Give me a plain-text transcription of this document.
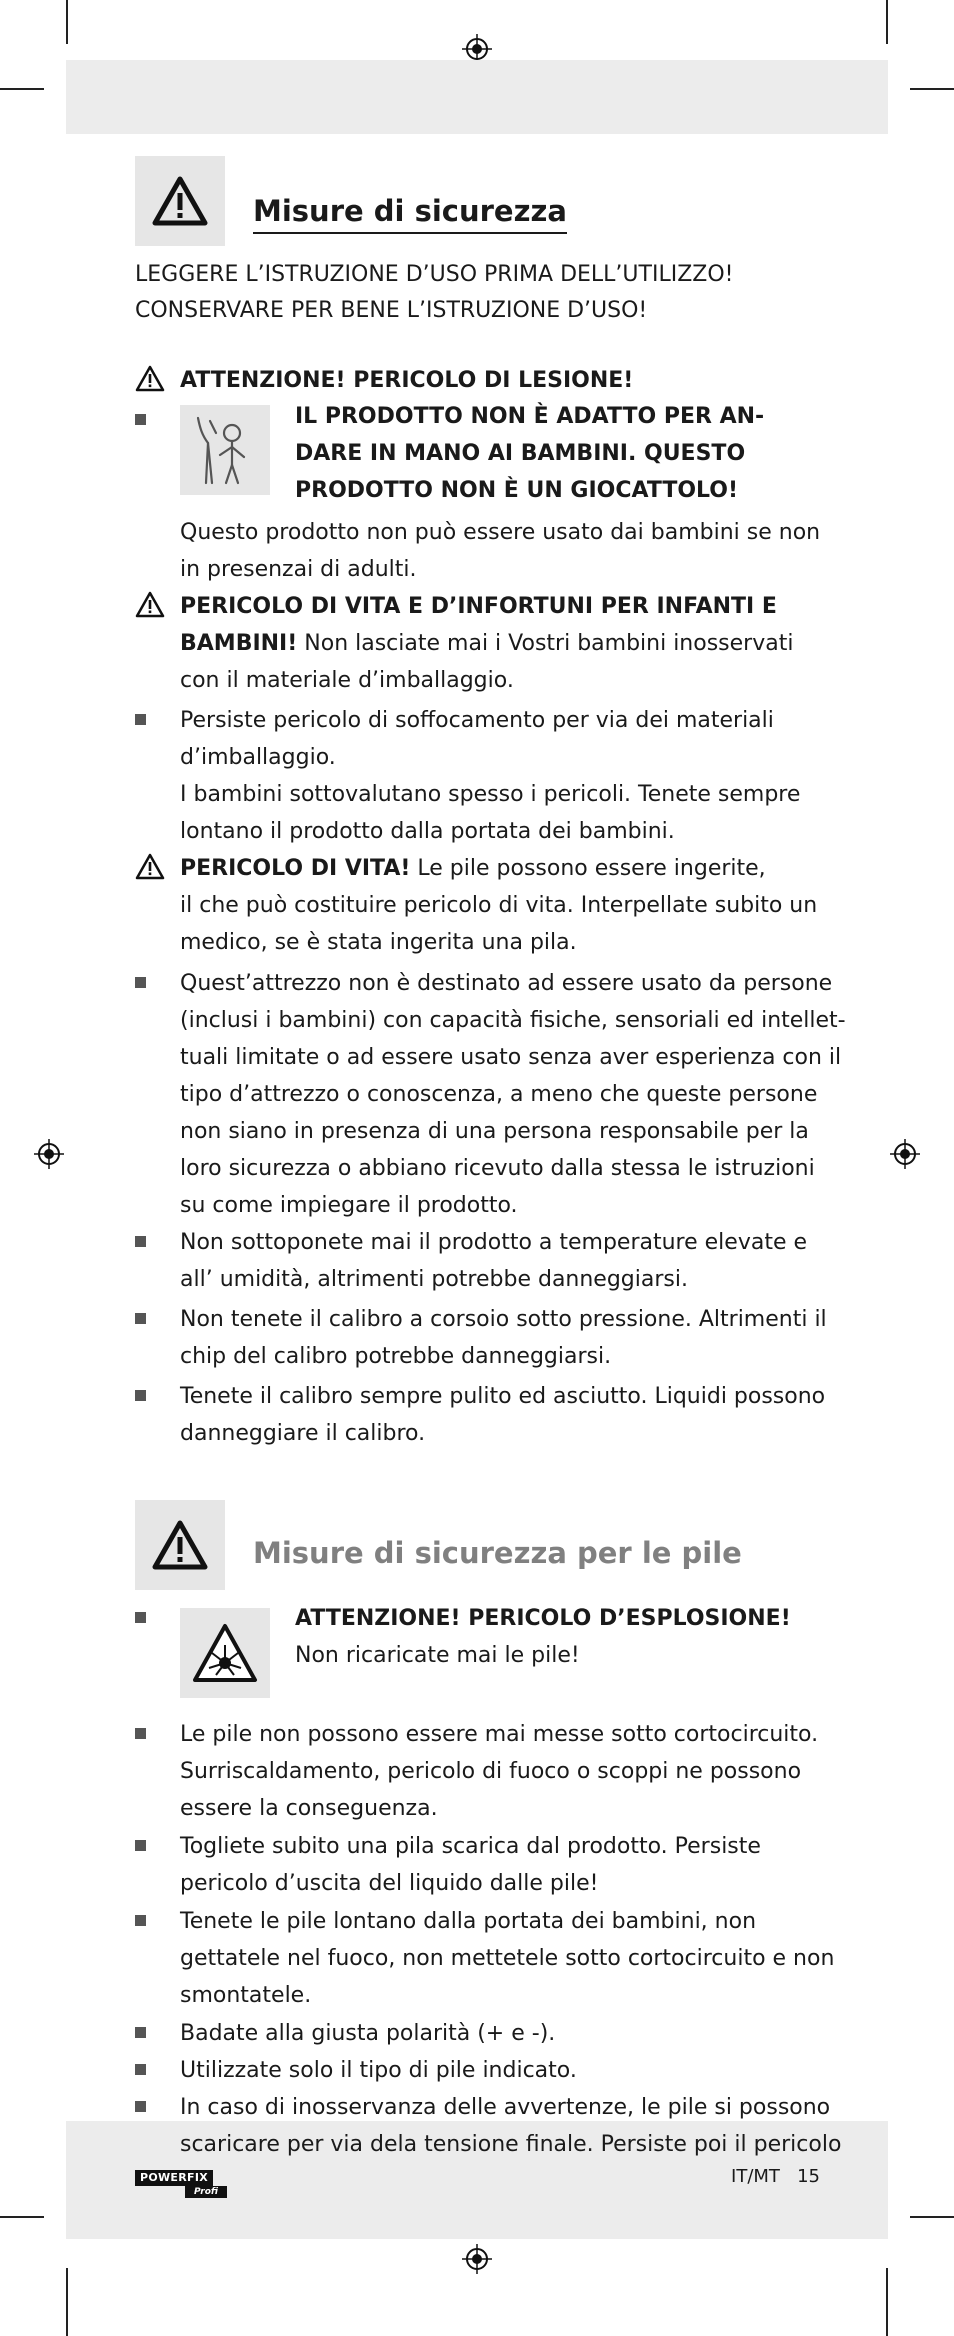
Misure di sicurezza
LEGGERE L’ISTRUZIONE D’USO PRIMA DELL’UTILIZZO!
CONSERVARE PER BENE L’ISTRUZIONE D’USO!
ATTENZIONE! PERICOLO DI LESIONE!
IL PRODOTTO NON È ADATTO PER AN-
DARE IN MANO AI BAMBINI. QUESTO
PRODOTTO NON È UN GIOCATTOLO!
Questo prodotto non può essere usato dai bambini se non
in presenzai di adulti.
PERICOLO DI VITA E D’INFORTUNI PER INFANTI E
BAMBINI! Non lasciate mai i Vostri bambini inosservati
con il materiale d’imballaggio.
Persiste pericolo di soffocamento per via dei materiali
d’imballaggio.
I bambini sottovalutano spesso i pericoli. Tenete sempre
lontano il prodotto dalla portata dei bambini.
PERICOLO DI VITA! Le pile possono essere ingerite,
il che può costituire pericolo di vita. Interpellate subito un
medico, se è stata ingerita una pila.
Quest’attrezzo non è destinato ad essere usato da persone
(inclusi i bambini) con capacità fisiche, sensoriali ed intellet-
tuali limitate o ad essere usato senza aver esperienza con il
tipo d’attrezzo o conoscenza, a meno che queste persone
non siano in presenza di una persona responsabile per la
loro sicurezza o abbiano ricevuto dalla stessa le istruzioni
su come impiegare il prodotto.
Non sottoponete mai il prodotto a temperature elevate e
all’ umidità, altrimenti potrebbe danneggiarsi.
Non tenete il calibro a corsoio sotto pressione. Altrimenti il
chip del calibro potrebbe danneggiarsi.
Tenete il calibro sempre pulito ed asciutto. Liquidi possono
danneggiare il calibro.
Misure di sicurezza per le pile
ATTENZIONE! PERICOLO D’ESPLOSIONE!
Non ricaricate mai le pile!
Le pile non possono essere mai messe sotto cortocircuito.
Surriscaldamento, pericolo di fuoco o scoppi ne possono
essere la conseguenza.
Togliete subito una pila scarica dal prodotto. Persiste
pericolo d’uscita del liquido dalle pile!
Tenete le pile lontano dalla portata dei bambini, non
gettatele nel fuoco, non mettetele sotto cortocircuito e non
smontatele.
Badate alla giusta polarità (+ e -).
Utilizzate solo il tipo di pile indicato.
In caso di inosservanza delle avvertenze, le pile si possono
scaricare per via dela tensione finale. Persiste poi il pericolo
POWERFIX
Profi
IT/MT   15
